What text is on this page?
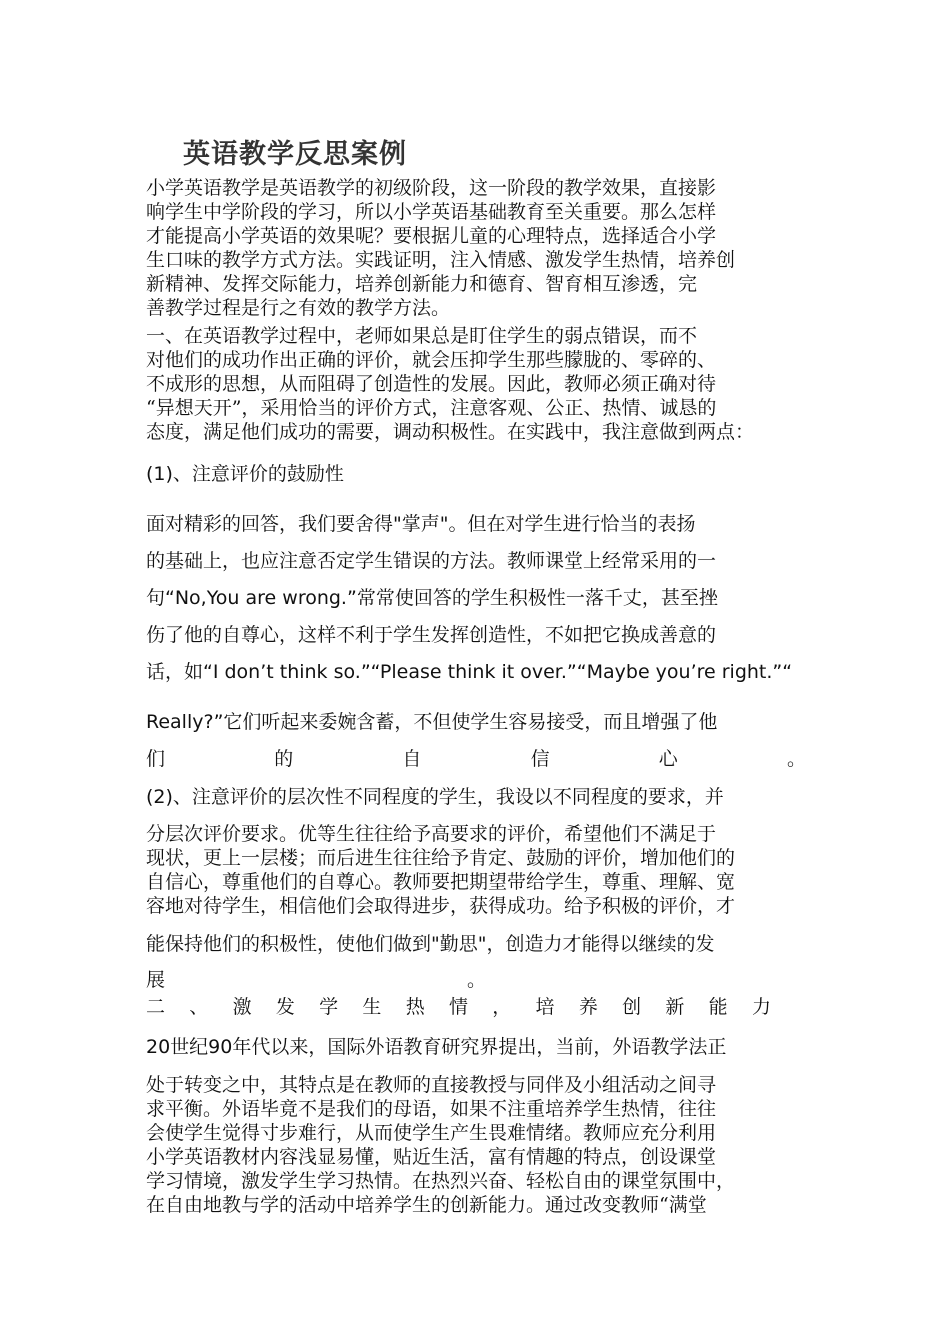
英语教学反思案例
小学英语教学是英语教学的初级阶段，这一阶段的教学效果，直接影
响学生中学阶段的学习，所以小学英语基础教育至关重要。那么怎样
才能提高小学英语的效果呢？要根据儿童的心理特点，选择适合小学
生口味的教学方式方法。实践证明，注入情感、激发学生热情，培养创
新精神、发挥交际能力，培养创新能力和德育、智育相互渗透，完
善教学过程是行之有效的教学方法。
一、在英语教学过程中，老师如果总是盯住学生的弱点错误，而不
对他们的成功作出正确的评价，就会压抑学生那些朦胧的、零碎的、
不成形的思想，从而阻碍了创造性的发展。因此，教师必须正确对待
“异想天开”，采用恰当的评价方式，注意客观、公正、热情、诚恳的
态度，满足他们成功的需要，调动积极性。在实践中，我注意做到两点：
(1)、注意评价的鼓励性
面对精彩的回答，我们要舍得"掌声"。但在对学生进行恰当的表扬
的基础上，也应注意否定学生错误的方法。教师课堂上经常采用的一
句“No,You are wrong.”常常使回答的学生积极性一落千丈，甚至挫
伤了他的自尊心，这样不利于学生发挥创造性，不如把它换成善意的
话，如“I don’t think so.”“Please think it over.”“Maybe you’re right.”“
Really?”它们听起来委婉含蓄，不但使学生容易接受，而且增强了他
们	的	自	信	心	。
(2)、注意评价的层次性不同程度的学生，我设以不同程度的要求，并
分层次评价要求。优等生往往给予高要求的评价，希望他们不满足于
现状，更上一层楼；而后进生往往给予肯定、鼓励的评价，增加他们的
自信心，尊重他们的自尊心。教师要把期望带给学生，尊重、理解、宽
容地对待学生，相信他们会取得进步，获得成功。给予积极的评价，才
能保持他们的积极性，使他们做到"勤思"，创造力才能得以继续的发
展	。
二 、 激 发 学 生 热 情 ， 培 养 创 新 能 力
20世纪90年代以来，国际外语教育研究界提出，当前，外语教学法正
处于转变之中，其特点是在教师的直接教授与同伴及小组活动之间寻
求平衡。外语毕竟不是我们的母语，如果不注重培养学生热情，往往
会使学生觉得寸步难行，从而使学生产生畏难情绪。教师应充分利用
小学英语教材内容浅显易懂，贴近生活，富有情趣的特点，创设课堂
学习情境，激发学生学习热情。在热烈兴奋、轻松自由的课堂氛围中，
在自由地教与学的活动中培养学生的创新能力。通过改变教师“满堂
